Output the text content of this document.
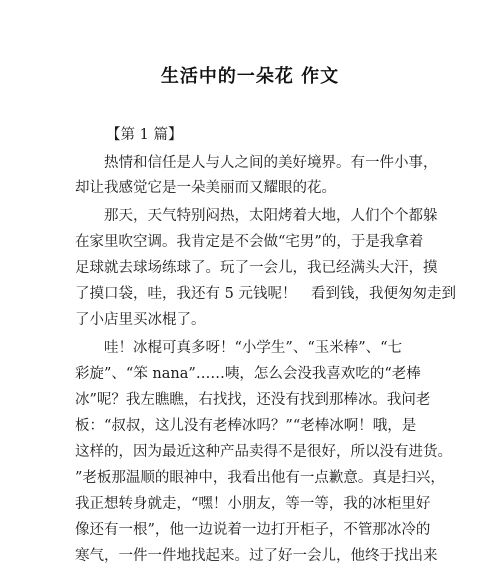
生活中的一朵花 作文
【第 1 篇】
热情和信任是人与人之间的美好境界。有一件小事，
却让我感觉它是一朵美丽而又耀眼的花。
那天，天气特别闷热，太阳烤着大地，人们个个都躲
在家里吹空调。我肯定是不会做“宅男”的，于是我拿着
足球就去球场练球了。玩了一会儿，我已经满头大汗，摸
了摸口袋，哇，我还有 5 元钱呢！　看到钱，我便匆匆走到
了小店里买冰棍了。
哇！冰棍可真多呀！“小学生”、“玉米棒”、“七
彩旋”、“笨 nana”……咦，怎么会没我喜欢吃的“老棒
冰”呢？我左瞧瞧，右找找，还没有找到那棒冰。我问老
板：“叔叔，这儿没有老棒冰吗？”“老棒冰啊！哦，是
这样的，因为最近这种产品卖得不是很好，所以没有进货。
”老板那温顺的眼神中，我看出他有一点歉意。真是扫兴，
我正想转身就走，“嘿！小朋友，等一等，我的冰柜里好
像还有一根”，他一边说着一边打开柜子，不管那冰冷的
寒气，一件一件地找起来。过了好一会儿，他终于找出来
